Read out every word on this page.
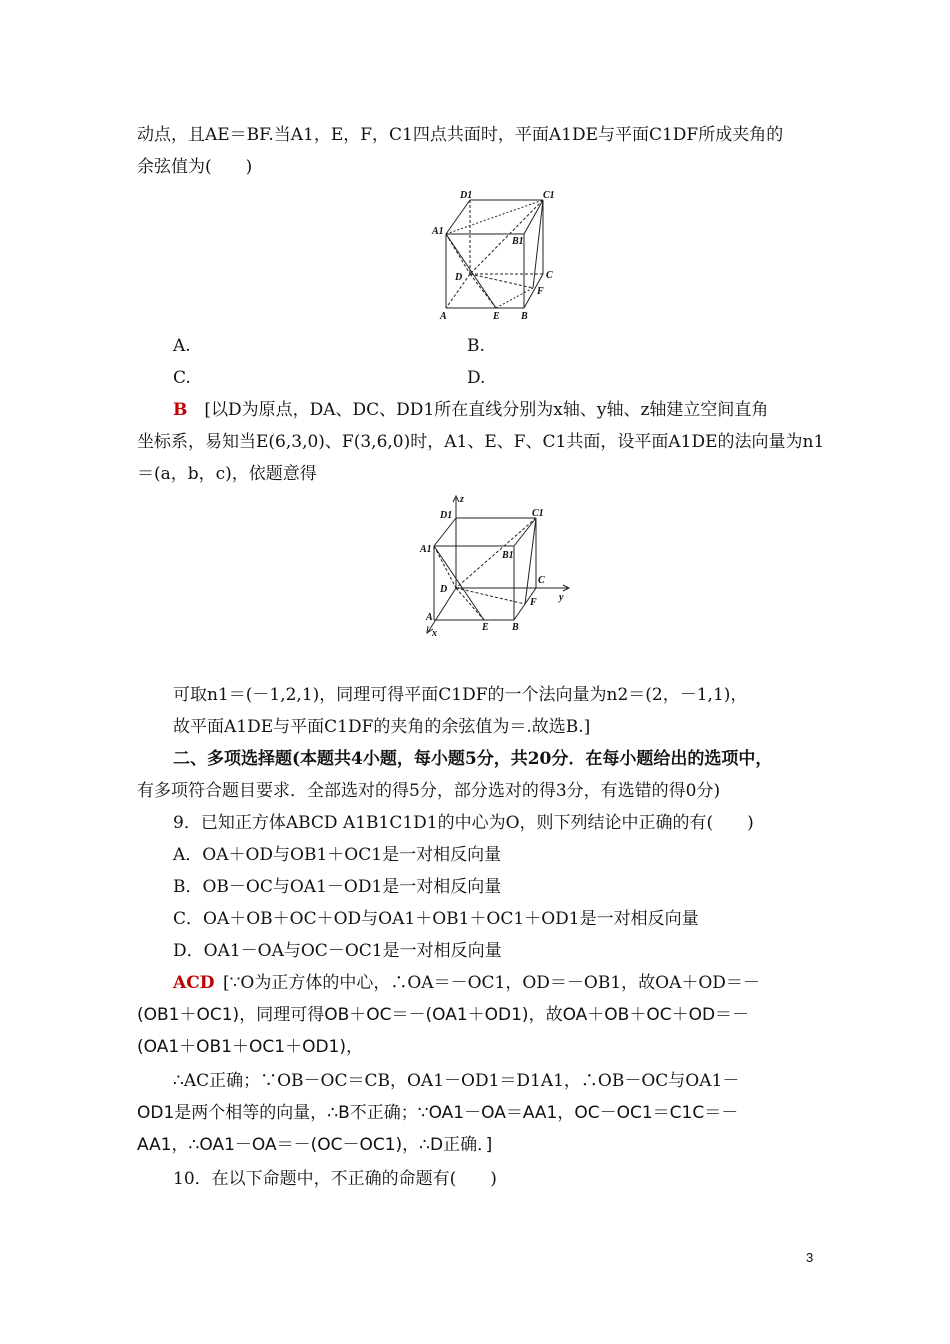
动点，且AE＝BF.当A1，E，F，C1四点共面时，平面A1DE与平面C1DF所成夹角的
余弦值为(　　)
D1	C1
A1
B1
D	C
F
A	E B
A.	B.
C.	D.
B  [以D为原点，DA、DC、DD1所在直线分别为x轴、y轴、z轴建立空间直角
坐标系，易知当E(6,3,0)、F(3,6,0)时，A1、E、F、C1共面，设平面A1DE的法向量为n1
＝(a，b，c)，依题意得
z
y
x
D1	C1
A1
B1
D
C
F
A
E B
可取n1＝(－1,2,1)，同理可得平面C1DF的一个法向量为n2＝(2，－1,1)，
故平面A1DE与平面C1DF的夹角的余弦值为＝.故选B.]
二、多项选择题(本题共4小题，每小题5分，共20分．在每小题给出的选项中，
有多项符合题目要求．全部选对的得5分，部分选对的得3分，有选错的得0分)
9．已知正方体ABCD A1B1C1D1的中心为O，则下列结论中正确的有(　　)
A．OA＋OD与OB1＋OC1是一对相反向量
B．OB－OC与OA1－OD1是一对相反向量
C．OA＋OB＋OC＋OD与OA1＋OB1＋OC1＋OD1是一对相反向量
D．OA1－OA与OC－OC1是一对相反向量
ACD  [∵O为正方体的中心，∴OA＝－OC1，OD＝－OB1，故OA＋OD＝－
(OB1＋OC1)，同理可得OB＋OC＝－(OA1＋OD1)，故OA＋OB＋OC＋OD＝－
(OA1＋OB1＋OC1＋OD1)，
∴AC正确；∵OB－OC＝CB，OA1－OD1＝D1A1，∴OB－OC与OA1－
OD1是两个相等的向量，∴B不正确；∵OA1－OA＝AA1，OC－OC1＝C1C＝－
AA1，∴OA1－OA＝－(OC－OC1)，∴D正确．]
10．在以下命题中，不正确的命题有(　　)
3
